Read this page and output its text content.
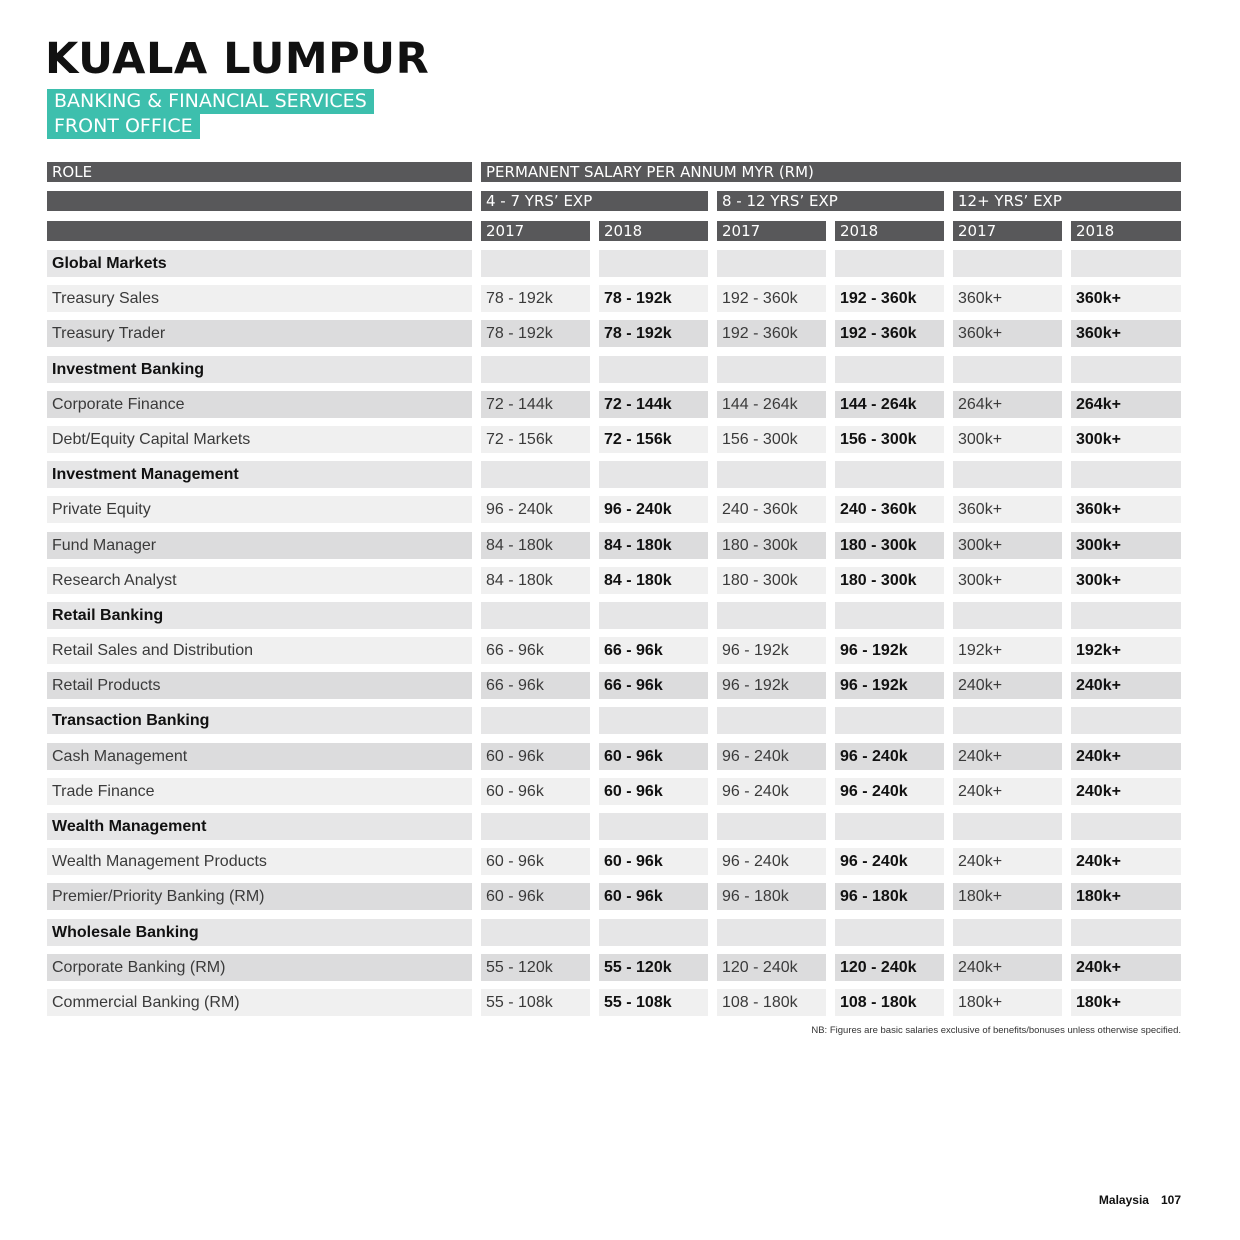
KUALA LUMPUR
BANKING & FINANCIAL SERVICES
FRONT OFFICE
ROLE	PERMANENT SALARY PER ANNUM MYR (RM)
4 - 7 YRS’ EXP	8 - 12 YRS’ EXP	12+ YRS’ EXP
2017	2018	2017	2018	2017	2018
Global Markets
Treasury Sales	78 - 192k	78 - 192k	192 - 360k	192 - 360k	360k+	360k+
Treasury Trader	78 - 192k	78 - 192k	192 - 360k	192 - 360k	360k+	360k+
Investment Banking
Corporate Finance	72 - 144k	72 - 144k	144 - 264k	144 - 264k	264k+	264k+
Debt/Equity Capital Markets	72 - 156k	72 - 156k	156 - 300k	156 - 300k	300k+	300k+
Investment Management
Private Equity	96 - 240k	96 - 240k	240 - 360k	240 - 360k	360k+	360k+
Fund Manager	84 - 180k	84 - 180k	180 - 300k	180 - 300k	300k+	300k+
Research Analyst	84 - 180k	84 - 180k	180 - 300k	180 - 300k	300k+	300k+
Retail Banking
Retail Sales and Distribution	66 - 96k	66 - 96k	96 - 192k	96 - 192k	192k+	192k+
Retail Products	66 - 96k	66 - 96k	96 - 192k	96 - 192k	240k+	240k+
Transaction Banking
Cash Management	60 - 96k	60 - 96k	96 - 240k	96 - 240k	240k+	240k+
Trade Finance	60 - 96k	60 - 96k	96 - 240k	96 - 240k	240k+	240k+
Wealth Management
Wealth Management Products	60 - 96k	60 - 96k	96 - 240k	96 - 240k	240k+	240k+
Premier/Priority Banking (RM)	60 - 96k	60 - 96k	96 - 180k	96 - 180k	180k+	180k+
Wholesale Banking
Corporate Banking (RM)	55 - 120k	55 - 120k	120 - 240k	120 - 240k	240k+	240k+
Commercial Banking (RM)	55 - 108k	55 - 108k	108 - 180k	108 - 180k	180k+	180k+
NB: Figures are basic salaries exclusive of benefits/bonuses unless otherwise specified.
Malaysia 107
